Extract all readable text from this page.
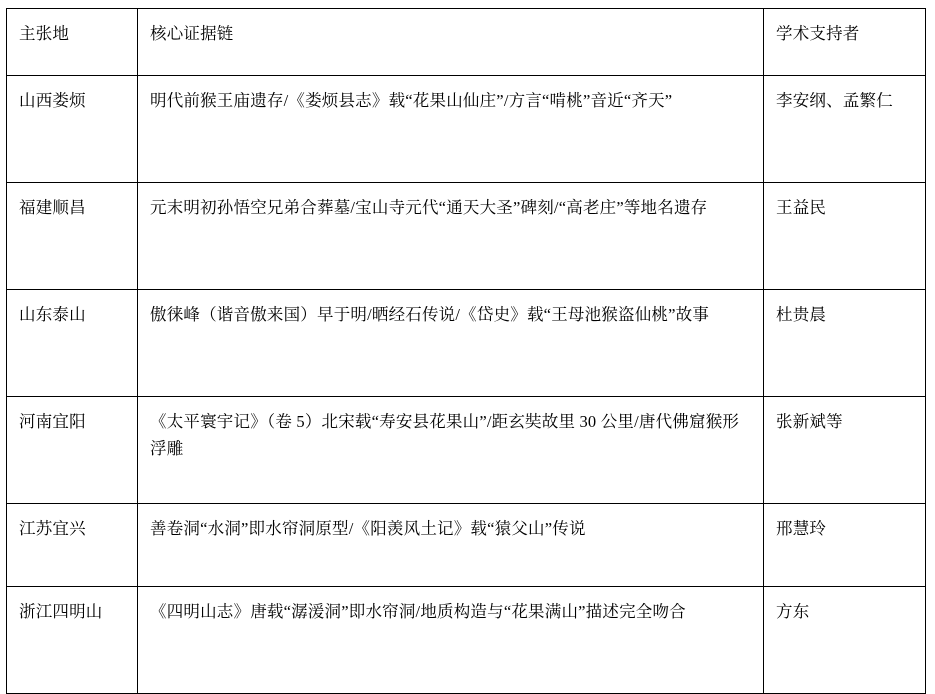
主张地	核心证据链	学术支持者

山西娄烦	明代前猴王庙遗存/《娄烦县志》载“花果山仙庄”/方言“啃桃”音近“齐天”	李安纲、孟繁仁

福建顺昌	元末明初孙悟空兄弟合葬墓/宝山寺元代“通天大圣”碑刻/“高老庄”等地名遗存	王益民

山东泰山	傲徕峰（谐音傲来国）早于明/晒经石传说/《岱史》载“王母池猴盗仙桃”故事	杜贵晨

河南宜阳	《太平寰宇记》（卷 5）北宋载“寿安县花果山”/距玄奘故里 30 公里/唐代佛窟猴形浮雕	张新斌等

江苏宜兴	善卷洞“水洞”即水帘洞原型/《阳羡风土记》载“猿父山”传说	邢慧玲

浙江四明山	《四明山志》唐载“潺湲洞”即水帘洞/地质构造与“花果满山”描述完全吻合	方东
